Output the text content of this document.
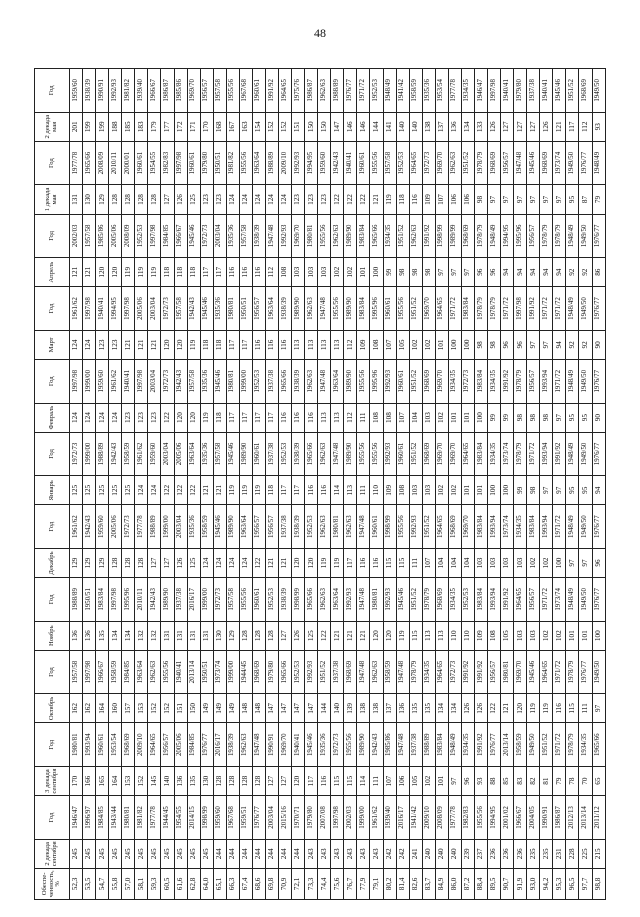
48
Обеспе-ченность, %	2 декада сентября	Год	3 декада сентября	Год	Октябрь	Год	Ноябрь	Год	Декабрь	Год	Январь	Год	Февраль	Год	Март	Год	Апрель	Год	1 декада мая	Год	2 декада мая	Год
52,3	245	1946/47	170	1980/81	162	1957/58	136	1988/89	129	1961/62	125	1972/73	124	1997/98	124	1961/62	121	2002/03	131	1977/78	201	1959/60
53,5	245	1996/97	166	1993/94	162	1997/98	136	1950/51	129	1942/43	125	1999/00	124	1999/00	124	1997/98	121	1957/58	130	1965/66	199	1938/39
54,7	245	1984/85	165	1960/61	164	1966/67	135	1983/84	129	1959/60	125	1988/89	124	1959/60	123	1940/41	120	1985/86	129	2008/09	199	1990/91
55,8	245	1943/44	164	1953/54	160	1958/59	134	1997/98	128	2005/06	125	1942/43	124	1961/62	123	1994/95	120	2005/06	128	2010/11	188	1992/93
57,0	245	1980/81	153	1968/69	157	1984/85	134	1995/96	128	1972/73	125	1958/59	123	1940/41	121	1997/98	119	2008/09	128	2000/01	185	1981/82
58,1	245	1981/82	152	2009/10	153	1963/64	132	2010/11	128	1977/78	124	1961/62	123	1997/98	121	2005/06	119	1952/53	128	1960/61	183	1939/40
59,3	245	1977/78	145	1964/65	152	1962/63	132	1942/43	127	1988/89	124	1959/60	123	2003/04	121	2003/04	119	1997/98	128	1954/55	179	1966/67
60,5	245	1944/45	140	1956/57	152	1955/56	131	1989/90	127	1999/00	122	2003/04	122	1972/73	120	1972/73	118	1984/85	127	1982/83	177	1986/87
61,6	245	1954/55	136	2005/06	151	1940/41	131	1937/38	126	2003/04	122	2005/06	120	1942/43	120	1957/58	118	1966/67	126	1997/98	172	1985/86
62,8	245	2014/15	135	1984/85	150	2013/14	131	2016/17	125	1935/36	122	1963/64	120	1957/58	119	1942/43	118	1945/46	125	1960/61	171	1969/70
64,0	245	1998/99	130	1976/77	149	1950/51	131	1999/00	124	1958/59	121	1935/36	119	1935/36	118	1945/46	117	1972/73	123	1979/80	170	1956/57
65,1	244	1959/60	128	2016/17	149	1973/74	130	1972/73	124	1945/46	121	1957/58	118	1945/46	118	1935/36	117	2003/04	123	1950/51	168	1957/58
66,3	244	1967/68	128	1938/39	149	1999/00	129	1957/58	124	1989/90	119	1945/46	117	1980/81	117	1980/81	116	1935/36	124	1981/82	167	1955/56
67,4	244	1959/51	128	1962/63	148	1944/45	128	1955/56	124	1963/64	119	1989/90	117	1999/00	117	1950/51	116	1957/58	124	1955/56	163	1967/68
68,6	244	1976/77	128	1947/48	148	1968/69	128	1960/61	122	1956/57	119	1960/61	117	1952/53	116	1956/57	116	1938/39	124	1963/64	154	1960/61
69,8	244	2003/04	127	1990/91	147	1979/80	128	1952/53	121	1956/57	118	1937/38	117	1937/38	116	1963/64	112	1947/48	124	1988/89	152	1991/92
70,9	244	2015/16	127	1969/70	147	1965/66	127	1938/39	121	1937/38	117	1952/53	116	1965/66	116	1938/39	108	1992/93	124	2009/10	152	1964/65
72,1	244	1970/71	120	1940/41	147	1952/53	126	1998/99	120	1938/39	117	1938/39	116	1938/39	113	1989/90	103	1969/70	123	1992/93	151	1975/76
73,3	243	1979/80	117	1945/46	147	1992/93	125	1965/66	120	1952/53	116	1965/66	116	1962/63	113	1962/63	103	1980/81	123	1994/95	150	1986/87
74,4	243	2007/08	116	1935/36	144	1951/52	122	1962/63	119	1962/63	116	1962/63	113	1947/48	113	1947/48	103	1955/56	123	1959/60	150	1962/63
75,6	243	1997/98	115	1972/73	140	1937/38	121	1963/64	119	1980/81	114	1947/48	113	1963/64	113	1955/56	102	1962/63	122	1942/43	147	1988/89
76,7	243	2002/03	115	1955/56	139	1968/69	121	1992/93	117	1962/63	113	1989/90	112	1989/90	112	1989/90	102	1989/90	122	1940/41	146	1976/77
77,9	243	1999/00	114	1989/90	138	1947/48	121	1947/48	116	1947/48	111	1955/56	111	1955/56	109	1983/84	101	1983/84	122	1960/61	146	1971/72
79,1	243	1961/62	111	1942/43	138	1962/63	120	1980/81	116	1960/61	110	1955/56	108	1995/96	108	1995/96	100	1965/66	121	1955/56	144	1952/53
80,2	242	1939/40	107	1985/86	137	1958/59	120	1992/93	115	1998/99	109	1992/93	108	1992/93	107	1960/61	99	1934/35	119	1957/58	141	1948/49
81,4	242	2016/17	106	1947/48	136	1947/48	119	1945/46	115	1955/56	108	1960/61	107	1960/61	105	1955/56	98	1951/52	118	1952/53	140	1941/42
82,6	241	1941/42	105	1937/38	135	1978/79	115	1951/52	111	1992/93	103	1951/52	104	1951/52	102	1951/52	98	1962/63	116	1964/65	140	1958/59
83,7	240	2009/10	102	1988/89	135	1934/35	113	1978/79	107	1951/52	103	1968/69	103	1968/69	102	1969/70	98	1991/92	109	1972/73	138	1935/36
84,9	240	2008/09	101	1983/84	134	1964/65	113	1968/69	104	1964/65	102	1969/70	102	1969/70	101	1964/65	97	1998/99	107	1969/70	137	1953/54
86,0	240	1977/78	97	1948/49	134	1972/73	110	1934/35	104	1968/69	102	1969/70	101	1934/35	100	1971/72	97	1989/99	106	1962/63	136	1977/78
87,2	239	1982/83	96	1934/35	126	1991/92	110	1952/53	104	1969/70	101	1964/65	101	1972/73	100	1983/84	97	1968/69	106	1951/52	134	1934/35
88,4	237	1955/56	93	1991/92	126	1991/92	109	1983/84	103	1983/84	101	1983/84	100	1983/84	98	1978/79	96	1978/79	98	1978/79	133	1946/47
89,5	236	1994/95	88	1976/77	122	1956/57	108	1993/94	103	1993/94	100	1934/35	99	1934/35	98	1978/79	96	1948/49	97	1968/69	126	1997/98
90,7	236	2001/02	85	2013/14	121	1980/81	105	1991/92	103	1973/74	100	1973/74	99	1991/92	96	1971/72	94	1994/95	97	1956/57	127	1940/41
91,9	236	1966/67	83	1958/59	120	1969/70	103	1964/65	103	1934/35	99	1978/79	98	1978/79	96	1997/98	94	1995/96	97	1947/48	127	1979/80
93,0	235	2004/05	82	1949/50	119	1945/46	103	1956/57	102	1983/84	98	1971/72	98	1956/57	97	1991/92	94	1956/57	97	1945/46	127	1937/38
94,2	235	1990/91	81	1951/52	119	1964/65	102	1971/72	102	1993/94	97	1993/94	98	1993/94	97	1971/72	94	1978/79	97	1968/69	126	1940/41
95,3	231	1986/87	79	1971/72	116	1971/72	102	1973/74	100	1971/72	97	1991/92	97	1971/72	94	1971/72	94	1978/79	97	1973/74	121	1945/46
96,5	228	2012/13	78	1978/79	115	1978/79	101	1948/49	97	1948/49	95	1948/49	95	1948/49	92	1948/49	92	1948/49	95	1949/50	117	1951/52
97,7	225	2013/14	70	1934/35	111	1976/77	101	1949/50	97	1949/50	95	1949/50	95	1949/50	92	1949/50	92	1949/50	87	1976/77	112	1968/69
98,8	215	2011/12	65	1965/66	97	1949/50	100	1976/77	96	1976/77	94	1976/77	90	1976/77	90	1976/77	86	1976/77	79	1948/49	93	1949/50
